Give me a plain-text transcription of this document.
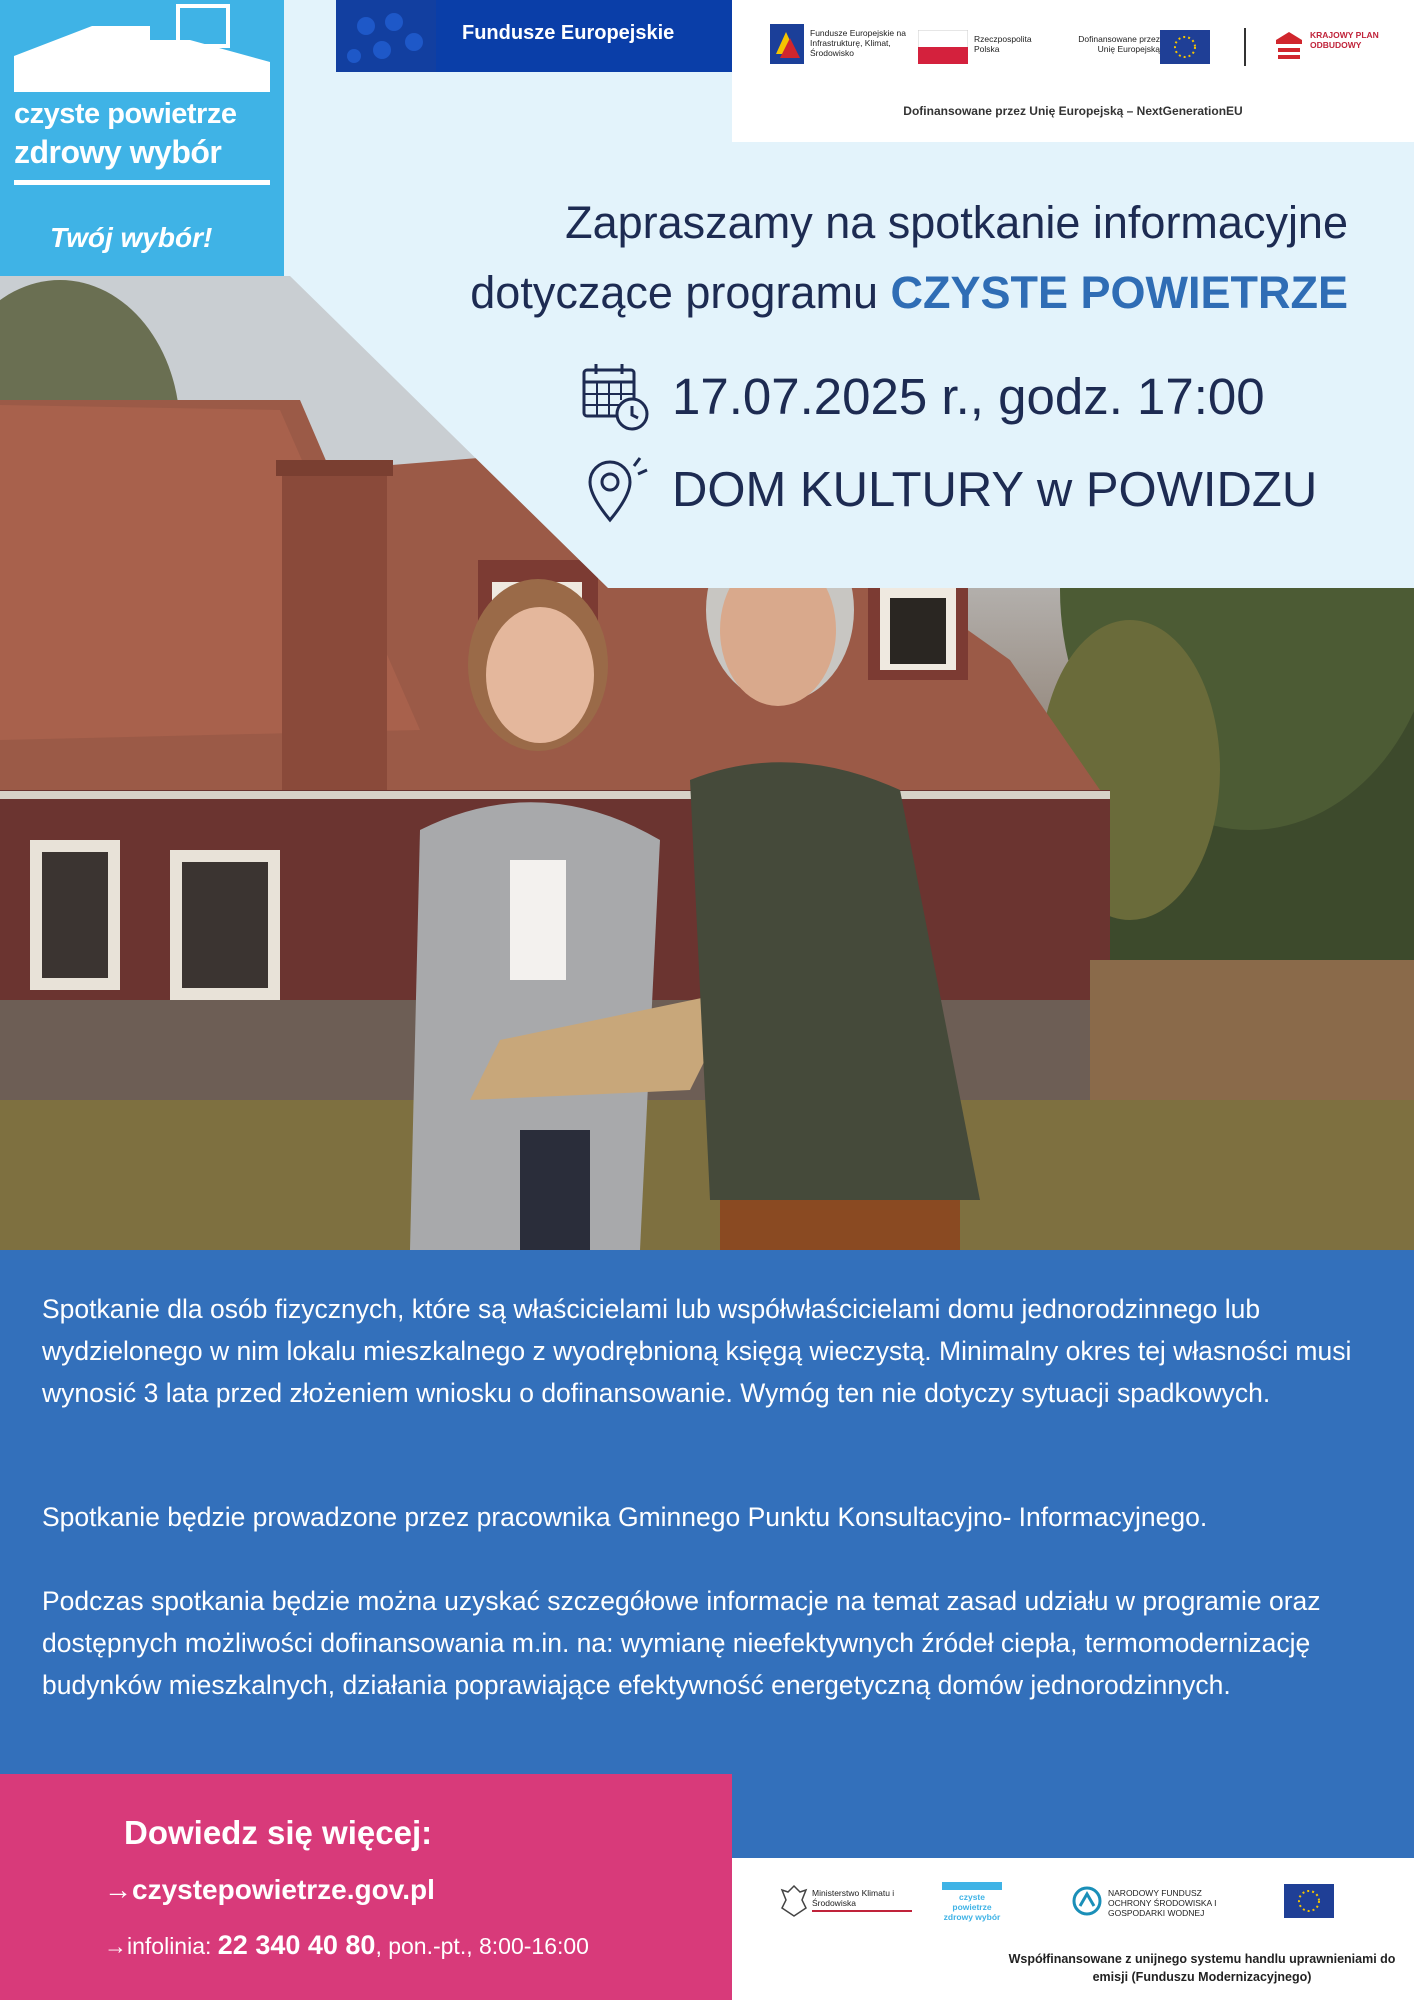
czyste powietrze
zdrowy wybór
Twój wybór!
Fundusze Europejskie	Fundusze Europejskie na Infrastrukturę, Klimat, Środowisko
Rzeczpospolita Polska
Dofinansowane przez Unię Europejską
KRAJOWY PLAN ODBUDOWY
Dofinansowane przez Unię Europejską – NextGenerationEU
Zapraszamy na spotkanie informacyjne
dotyczące programu CZYSTE POWIETRZE
17.07.2025 r., godz. 17:00
DOM KULTURY w POWIDZU

Spotkanie dla osób fizycznych, które są właścicielami lub współwłaścicielami domu jednorodzinnego lub wydzielonego w nim lokalu mieszkalnego z wyodrębnioną księgą wieczystą. Minimalny okres tej własności musi wynosić 3 lata przed złożeniem wniosku o dofinansowanie. Wymóg ten nie dotyczy sytuacji spadkowych.

Spotkanie będzie prowadzone przez pracownika Gminnego Punktu Konsultacyjno- Informacyjnego.

Podczas spotkania będzie można uzyskać szczegółowe informacje na temat zasad udziału w programie oraz dostępnych możliwości dofinansowania m.in. na: wymianę nieefektywnych źródeł ciepła, termomodernizację budynków mieszkalnych, działania poprawiające efektywność energetyczną domów jednorodzinnych.

Dowiedz się więcej:
→czystepowietrze.gov.pl
→infolinia: 22 340 40 80, pon.-pt., 8:00-16:00
Ministerstwo Klimatu i Środowiska
czyste powietrze zdrowy wybór
NARODOWY FUNDUSZ OCHRONY ŚRODOWISKA I GOSPODARKI WODNEJ
Współfinansowane z unijnego systemu handlu uprawnieniami do emisji (Funduszu Modernizacyjnego)
